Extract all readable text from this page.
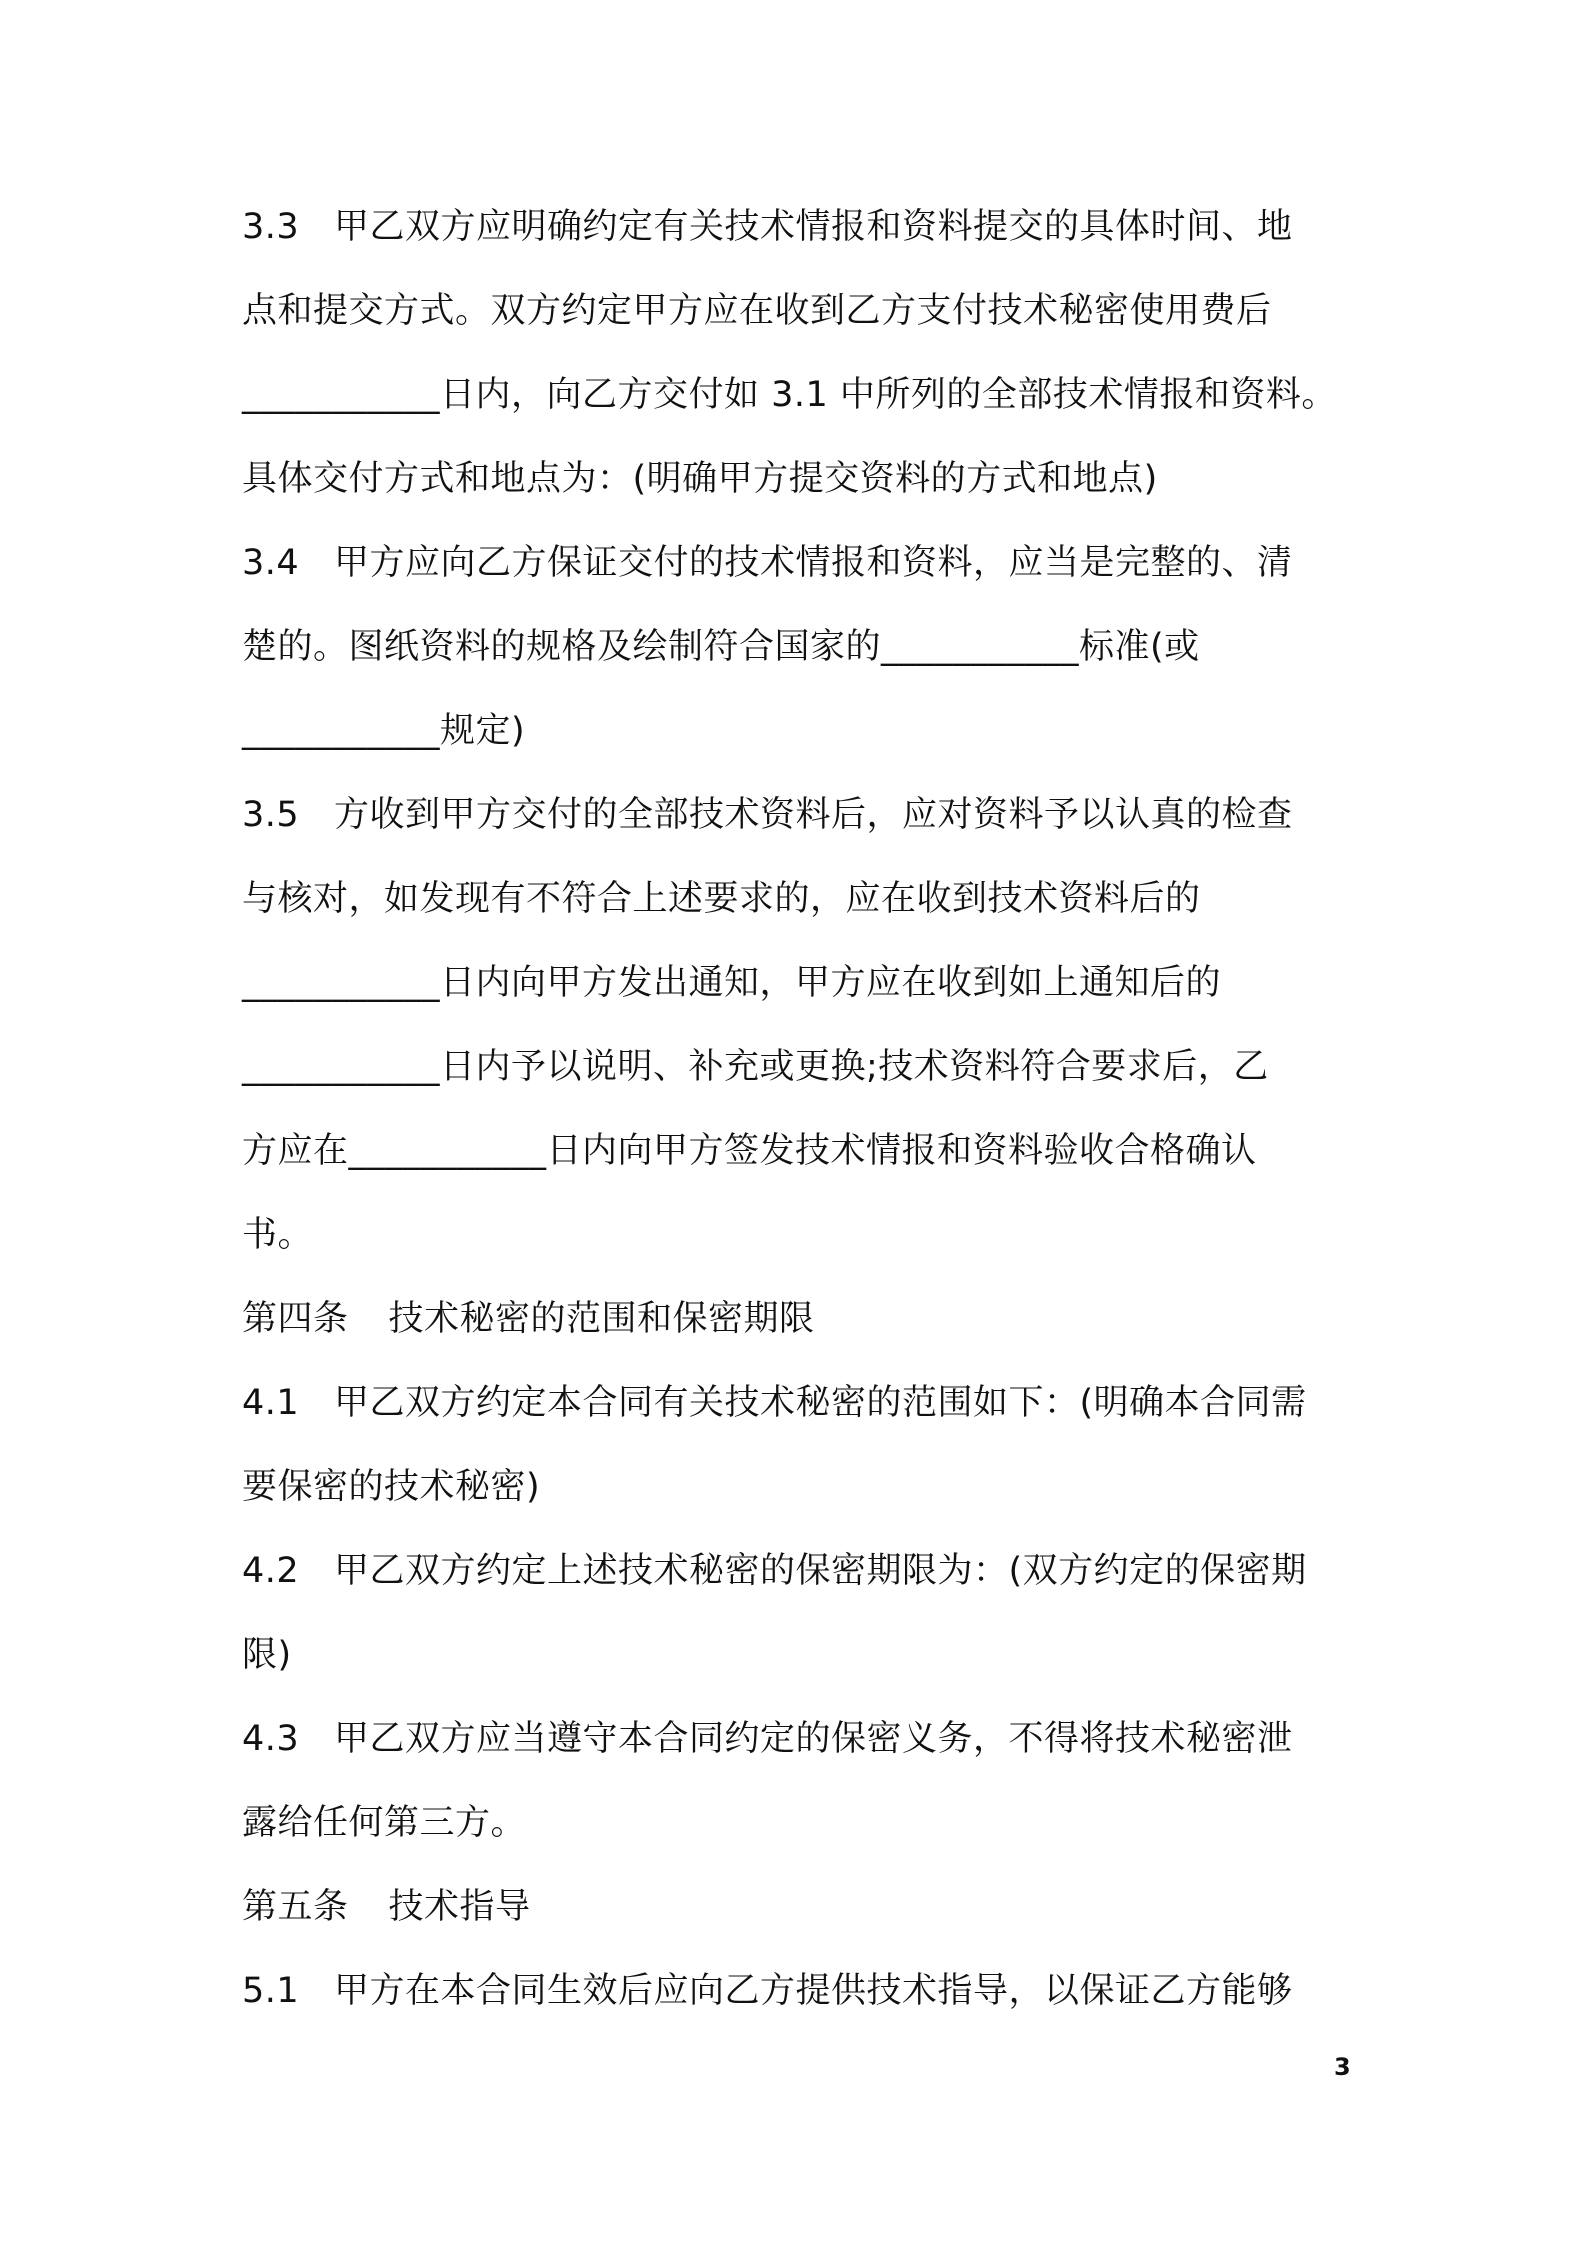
3.3 甲乙双方应明确约定有关技术情报和资料提交的具体时间、地
点和提交方式。双方约定甲方应在收到乙方支付技术秘密使用费后
___________日内，向乙方交付如 3.1 中所列的全部技术情报和资料。
具体交付方式和地点为：(明确甲方提交资料的方式和地点)
3.4 甲方应向乙方保证交付的技术情报和资料，应当是完整的、清
楚的。图纸资料的规格及绘制符合国家的___________标准(或
___________规定)
3.5 方收到甲方交付的全部技术资料后，应对资料予以认真的检查
与核对，如发现有不符合上述要求的，应在收到技术资料后的
___________日内向甲方发出通知，甲方应在收到如上通知后的
___________日内予以说明、补充或更换;技术资料符合要求后，乙
方应在___________日内向甲方签发技术情报和资料验收合格确认
书。
第四条 技术秘密的范围和保密期限
4.1 甲乙双方约定本合同有关技术秘密的范围如下：(明确本合同需
要保密的技术秘密)
4.2 甲乙双方约定上述技术秘密的保密期限为：(双方约定的保密期
限)
4.3 甲乙双方应当遵守本合同约定的保密义务，不得将技术秘密泄
露给任何第三方。
第五条 技术指导
5.1 甲方在本合同生效后应向乙方提供技术指导，以保证乙方能够
3
